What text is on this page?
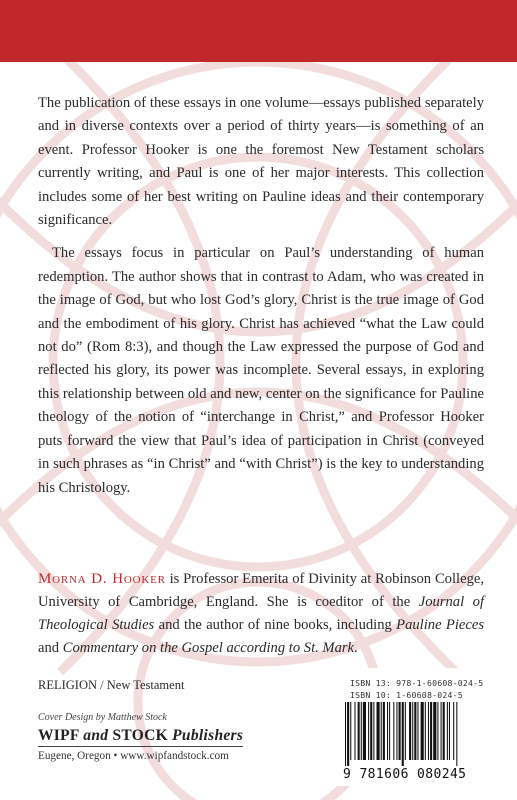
The publication of these essays in one volume—essays published separately and in diverse contexts over a period of thirty years—is something of an event. Professor Hooker is one the foremost New Testament scholars currently writing, and Paul is one of her major interests. This collection includes some of her best writing on Pauline ideas and their contemporary significance.

The essays focus in particular on Paul’s understanding of human redemption. The author shows that in contrast to Adam, who was created in the image of God, but who lost God’s glory, Christ is the true image of God and the embodiment of his glory. Christ has achieved “what the Law could not do” (Rom 8:3), and though the Law expressed the purpose of God and reflected his glory, its power was incomplete. Several essays, in exploring this relationship between old and new, center on the significance for Pauline theology of the notion of “interchange in Christ,” and Professor Hooker puts forward the view that Paul’s idea of participation in Christ (conveyed in such phrases as “in Christ” and “with Christ”) is the key to understanding his Christology.

Morna D. Hooker is Professor Emerita of Divinity at Robinson College, University of Cambridge, England. She is coeditor of the Journal of Theological Studies and the author of nine books, including Pauline Pieces and Commentary on the Gospel according to St. Mark.

RELIGION / New Testament
Cover Design by Matthew Stock
WIPF and STOCK Publishers
Eugene, Oregon • www.wipfandstock.com
ISBN 13: 978-1-60608-024-5
ISBN 10: 1-60608-024-5
9 781606 080245
